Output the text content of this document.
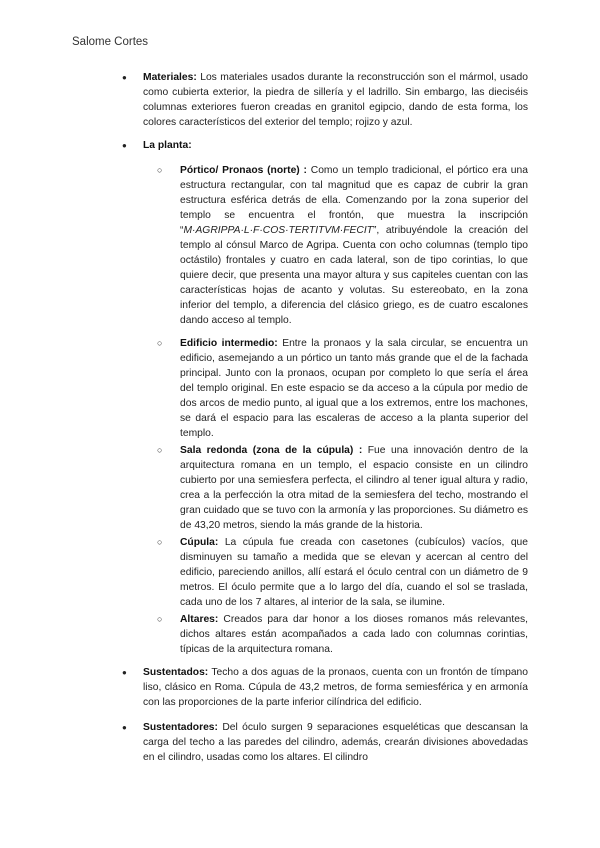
Salome Cortes
● Materiales: Los materiales usados durante la reconstrucción son el mármol, usado como cubierta exterior, la piedra de sillería y el ladrillo. Sin embargo, las dieciséis columnas exteriores fueron creadas en granitol egipcio, dando de esta forma, los colores característicos del exterior del templo; rojizo y azul.
● La planta:
○ Pórtico/ Pronaos (norte) : Como un templo tradicional, el pórtico era una estructura rectangular, con tal magnitud que es capaz de cubrir la gran estructura esférica detrás de ella. Comenzando por la zona superior del templo se encuentra el frontón, que muestra la inscripción “M·AGRIPPA·L·F·COS·TERTITVM·FECIT”, atribuyéndole la creación del templo al cónsul Marco de Agripa. Cuenta con ocho columnas (templo tipo octástilo) frontales y cuatro en cada lateral, son de tipo corintias, lo que quiere decir, que presenta una mayor altura y sus capiteles cuentan con las características hojas de acanto y volutas. Su estereobato, en la zona inferior del templo, a diferencia del clásico griego, es de cuatro escalones dando acceso al templo.
○ Edificio intermedio: Entre la pronaos y la sala circular, se encuentra un edificio, asemejando a un pórtico un tanto más grande que el de la fachada principal. Junto con la pronaos, ocupan por completo lo que sería el área del templo original. En este espacio se da acceso a la cúpula por medio de dos arcos de medio punto, al igual que a los extremos, entre los machones, se dará el espacio para las escaleras de acceso a la planta superior del templo.
○ Sala redonda (zona de la cúpula) : Fue una innovación dentro de la arquitectura romana en un templo, el espacio consiste en un cilindro cubierto por una semiesfera perfecta, el cilindro al tener igual altura y radio, crea a la perfección la otra mitad de la semiesfera del techo, mostrando el gran cuidado que se tuvo con la armonía y las proporciones. Su diámetro es de 43,20 metros, siendo la más grande de la historia.
○ Cúpula: La cúpula fue creada con casetones (cubículos) vacíos, que disminuyen su tamaño a medida que se elevan y acercan al centro del edificio, pareciendo anillos, allí estará el óculo central con un diámetro de 9 metros. El óculo permite que a lo largo del día, cuando el sol se traslada, cada uno de los 7 altares, al interior de la sala, se ilumine.
○ Altares: Creados para dar honor a los dioses romanos más relevantes, dichos altares están acompañados a cada lado con columnas corintias, típicas de la arquitectura romana.
● Sustentados: Techo a dos aguas de la pronaos, cuenta con un frontón de tímpano liso, clásico en Roma. Cúpula de 43,2 metros, de forma semiesférica y en armonía con las proporciones de la parte inferior cilíndrica del edificio.
● Sustentadores: Del óculo surgen 9 separaciones esqueléticas que descansan la carga del techo a las paredes del cilindro, además, crearán divisiones abovedadas en el cilindro, usadas como los altares. El cilindro
